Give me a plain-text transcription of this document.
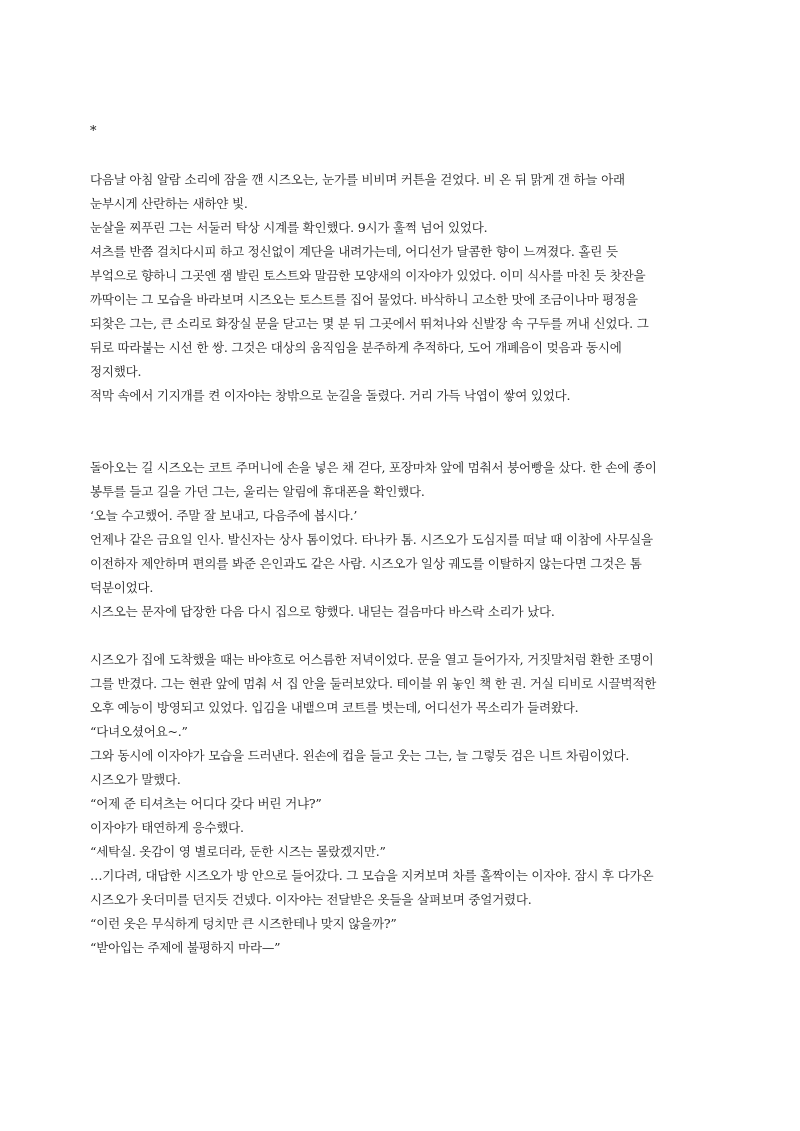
*

다음날 아침 알람 소리에 잠을 깬 시즈오는, 눈가를 비비며 커튼을 걷었다. 비 온 뒤 맑게 갠 하늘 아래

눈부시게 산란하는 새하얀 빛.

눈살을 찌푸린 그는 서둘러 탁상 시계를 확인했다. 9시가 훌쩍 넘어 있었다.

셔츠를 반쯤 걸치다시피 하고 정신없이 계단을 내려가는데, 어디선가 달콤한 향이 느껴졌다. 홀린 듯

부엌으로 향하니 그곳엔 잼 발린 토스트와 말끔한 모양새의 이자야가 있었다. 이미 식사를 마친 듯 찻잔을

까딱이는 그 모습을 바라보며 시즈오는 토스트를 집어 물었다. 바삭하니 고소한 맛에 조금이나마 평정을

되찾은 그는, 큰 소리로 화장실 문을 닫고는 몇 분 뒤 그곳에서 뛰쳐나와 신발장 속 구두를 꺼내 신었다. 그

뒤로 따라붙는 시선 한 쌍. 그것은 대상의 움직임을 분주하게 추적하다, 도어 개폐음이 멎음과 동시에

정지했다.

적막 속에서 기지개를 켠 이자야는 창밖으로 눈길을 돌렸다. 거리 가득 낙엽이 쌓여 있었다.

돌아오는 길 시즈오는 코트 주머니에 손을 넣은 채 걷다, 포장마차 앞에 멈춰서 붕어빵을 샀다. 한 손에 종이

봉투를 들고 길을 가던 그는, 울리는 알림에 휴대폰을 확인했다.

‘오늘 수고했어. 주말 잘 보내고, 다음주에 봅시다.’

언제나 같은 금요일 인사. 발신자는 상사 톰이었다. 타나카 톰. 시즈오가 도심지를 떠날 때 이참에 사무실을

이전하자 제안하며 편의를 봐준 은인과도 같은 사람. 시즈오가 일상 궤도를 이탈하지 않는다면 그것은 톰

덕분이었다.

시즈오는 문자에 답장한 다음 다시 집으로 향했다. 내딛는 걸음마다 바스락 소리가 났다.

시즈오가 집에 도착했을 때는 바야흐로 어스름한 저녁이었다. 문을 열고 들어가자, 거짓말처럼 환한 조명이

그를 반겼다. 그는 현관 앞에 멈춰 서 집 안을 둘러보았다. 테이블 위 놓인 책 한 권. 거실 티비로 시끌벅적한

오후 예능이 방영되고 있었다. 입김을 내뱉으며 코트를 벗는데, 어디선가 목소리가 들려왔다.

“다녀오셨어요~.”

그와 동시에 이자야가 모습을 드러낸다. 왼손에 컵을 들고 웃는 그는, 늘 그렇듯 검은 니트 차림이었다.

시즈오가 말했다.

“어제 준 티셔츠는 어디다 갖다 버린 거냐?”

이자야가 태연하게 응수했다.

“세탁실. 옷감이 영 별로더라, 둔한 시즈는 몰랐겠지만.”

…기다려, 대답한 시즈오가 방 안으로 들어갔다. 그 모습을 지켜보며 차를 홀짝이는 이자야. 잠시 후 다가온

시즈오가 옷더미를 던지듯 건넸다. 이자야는 전달받은 옷들을 살펴보며 중얼거렸다.

“이런 옷은 무식하게 덩치만 큰 시즈한테나 맞지 않을까?”

“받아입는 주제에 불평하지 마라—”
